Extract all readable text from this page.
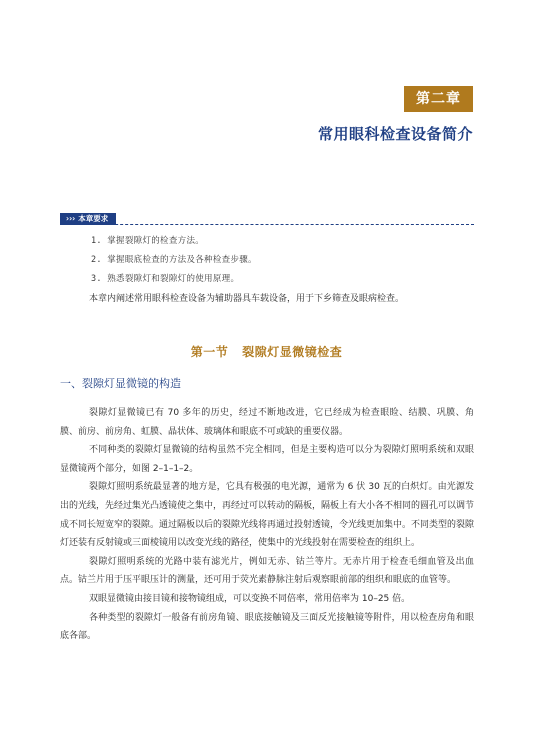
第二章
常用眼科检查设备简介
››› 本章要求
1. 掌握裂隙灯的检查方法。
2. 掌握眼底检查的方法及各种检查步骤。
3. 熟悉裂隙灯和裂隙灯的使用原理。
本章内阐述常用眼科检查设备为辅助器具车载设备，用于下乡筛查及眼病检查。
第一节 裂隙灯显微镜检查
一、裂隙灯显微镜的构造

裂隙灯显微镜已有 70 多年的历史，经过不断地改进，它已经成为检查眼睑、结膜、巩膜、角膜、前房、前房角、虹膜、晶状体、玻璃体和眼底不可或缺的重要仪器。

不同种类的裂隙灯显微镜的结构虽然不完全相同，但是主要构造可以分为裂隙灯照明系统和双眼显微镜两个部分，如图 2–1–1–2。

裂隙灯照明系统最显著的地方是，它具有极强的电光源，通常为 6 伏 30 瓦的白炽灯。由光源发出的光线，先经过集光凸透镜使之集中，再经过可以转动的隔板，隔板上有大小各不相同的圆孔可以调节成不同长短宽窄的裂隙。通过隔板以后的裂隙光线将再通过投射透镜，令光线更加集中。不同类型的裂隙灯还装有反射镜或三面棱镜用以改变光线的路径，使集中的光线投射在需要检查的组织上。

裂隙灯照明系统的光路中装有滤光片，例如无赤、钴兰等片。无赤片用于检查毛细血管及出血点。钴兰片用于压平眼压计的测量，还可用于荧光素静脉注射后观察眼前部的组织和眼底的血管等。

双眼显微镜由接目镜和接物镜组成，可以变换不同倍率，常用倍率为 10–25 倍。

各种类型的裂隙灯一般备有前房角镜、眼底接触镜及三面反光接触镜等附件，用以检查房角和眼底各部。
